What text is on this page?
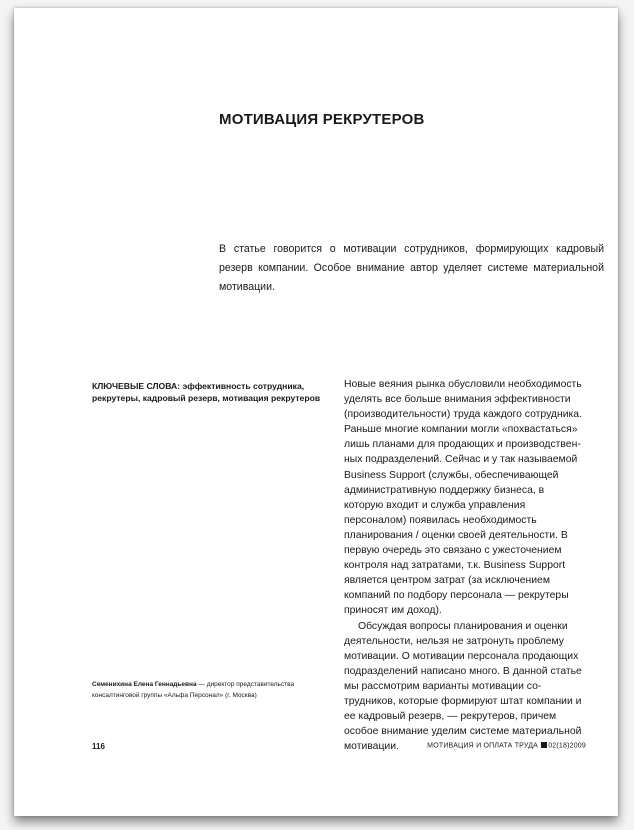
МОТИВАЦИЯ РЕКРУТЕРОВ

В статье говорится о мотивации сотрудников, формирующих кадровый резерв компании. Особое внимание автор уделяет системе материальной мотивации.

КЛЮЧЕВЫЕ СЛОВА: эффективность сотрудника, рекрутеры, кадровый резерв, мотивация рекрутеров

Новые веяния рынка обусловили необходимость уделять все больше внимания эффективности (производительности) труда каждого сотрудника. Раньше многие компании могли «похвастаться» лишь планами для продающих и производственных подразделений. Сейчас и у так называемой Business Support (службы, обеспечивающей административную поддержку бизнеса, в которую входит и служба управления персоналом) появилась необходимость планирования / оценки своей деятельности. В первую очередь это связано с ужесточением контроля над затратами, т.к. Business Support является центром затрат (за исключением компаний по подбору персонала — рекрутеры приносят им доход).

Обсуждая вопросы планирования и оценки деятельности, нельзя не затронуть проблему мотивации. О мотивации персонала продающих подразделений написано много. В данной статье мы рассмотрим варианты мотивации сотрудников, которые формируют штат компании и ее кадровый резерв, — рекрутеров, причем особое внимание уделим системе материальной мотивации.

Семенихина Елена Геннадьевна — директор представительства консалтинговой группы «Альфа Персонал» (г. Москва)

116	МОТИВАЦИЯ И ОПЛАТА ТРУДА 02(18)2009
